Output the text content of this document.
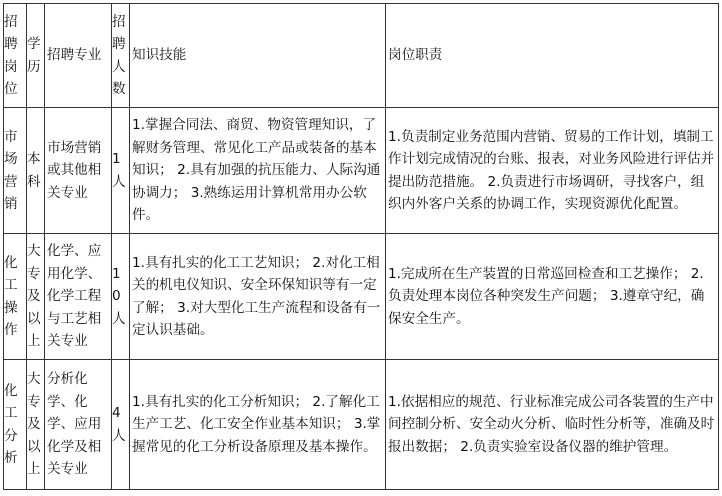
招聘岗位	学历	招聘专业	招聘人数	知识技能	岗位职责
市场营销	本科	市场营销或其他相关专业	1人	1.掌握合同法、商贸、物资管理知识，了解财务管理、常见化工产品或装备的基本知识； 2.具有加强的抗压能力、人际沟通协调力； 3.熟练运用计算机常用办公软件。	1.负责制定业务范围内营销、贸易的工作计划，填制工作计划完成情况的台账、报表，对业务风险进行评估并提出防范措施。 2.负责进行市场调研，寻找客户，组织内外客户关系的协调工作，实现资源优化配置。
化工操作	大专及以上	化学、应用化学、化学工程与工艺相关专业	10人	1.具有扎实的化工工艺知识； 2.对化工相关的机电仪知识、安全环保知识等有一定了解； 3.对大型化工生产流程和设备有一定认识基础。	1.完成所在生产装置的日常巡回检查和工艺操作； 2.负责处理本岗位各种突发生产问题； 3.遵章守纪，确保安全生产。
化工分析	大专及以上	分析化学、化学、应用化学及相关专业	4人	1.具有扎实的化工分析知识； 2.了解化工生产工艺、化工安全作业基本知识； 3.掌握常见的化工分析设备原理及基本操作。	1.依据相应的规范、行业标准完成公司各装置的生产中间控制分析、安全动火分析、临时性分析等，准确及时报出数据； 2.负责实验室设备仪器的维护管理。
